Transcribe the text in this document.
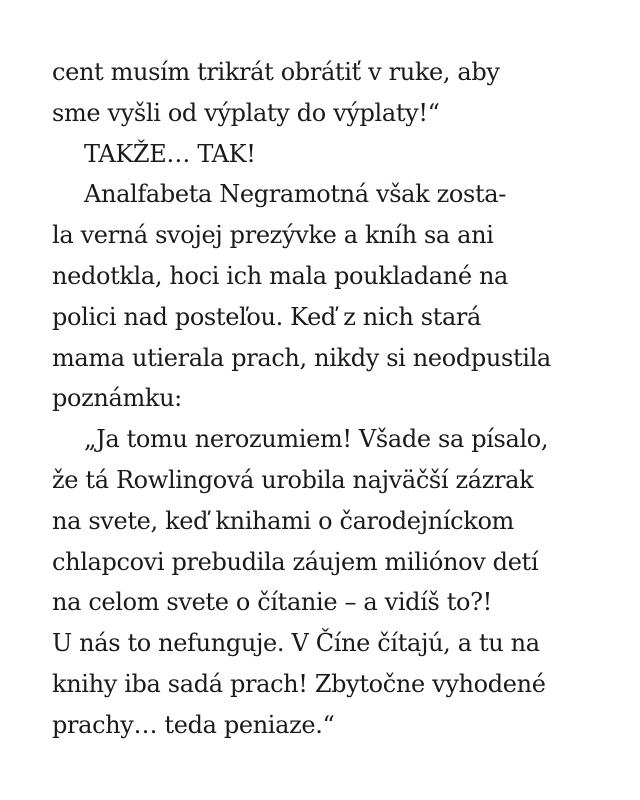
cent musím trikrát obrátiť v ruke, aby
sme vyšli od výplaty do výplaty!“
TAKŽE… TAK!
Analfabeta Negramotná však zosta-
la verná svojej prezývke a kníh sa ani
nedotkla, hoci ich mala poukladané na
polici nad posteľou. Keď z nich stará
mama utierala prach, nikdy si neodpustila
poznámku:
„Ja tomu nerozumiem! Všade sa písalo,
že tá Rowlingová urobila najväčší zázrak
na svete, keď knihami o čarodejníckom
chlapcovi prebudila záujem miliónov detí
na celom svete o čítanie – a vidíš to?!
U nás to nefunguje. V Číne čítajú, a tu na
knihy iba sadá prach! Zbytočne vyhodené
prachy… teda peniaze.“
